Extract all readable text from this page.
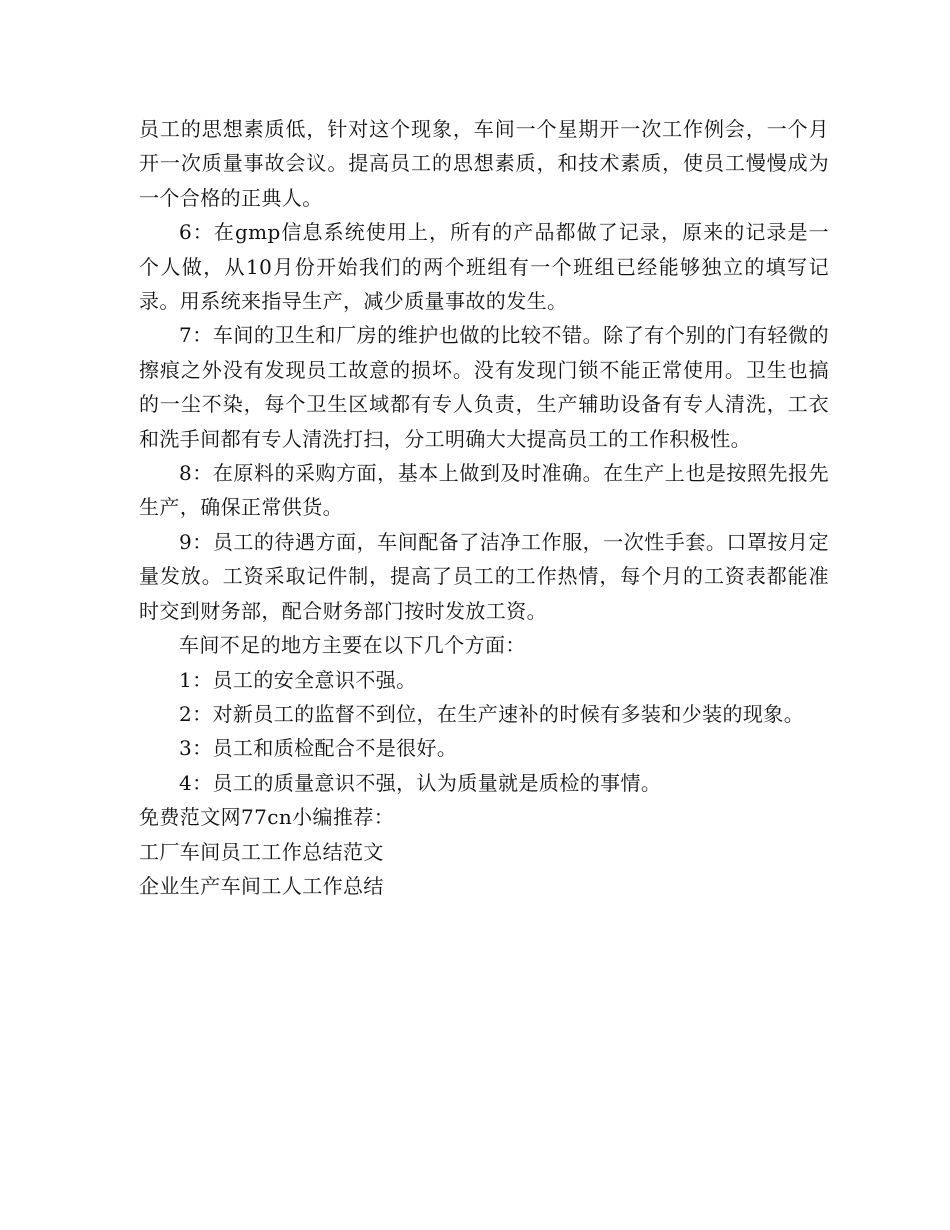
员工的思想素质低，针对这个现象，车间一个星期开一次工作例会，一个月开一次质量事故会议。提高员工的思想素质，和技术素质，使员工慢慢成为一个合格的正典人。

6：在gmp信息系统使用上，所有的产品都做了记录，原来的记录是一个人做，从10月份开始我们的两个班组有一个班组已经能够独立的填写记录。用系统来指导生产，减少质量事故的发生。

7：车间的卫生和厂房的维护也做的比较不错。除了有个别的门有轻微的擦痕之外没有发现员工故意的损坏。没有发现门锁不能正常使用。卫生也搞的一尘不染，每个卫生区域都有专人负责，生产辅助设备有专人清洗，工衣和洗手间都有专人清洗打扫，分工明确大大提高员工的工作积极性。

8：在原料的采购方面，基本上做到及时准确。在生产上也是按照先报先生产，确保正常供货。

9：员工的待遇方面，车间配备了洁净工作服，一次性手套。口罩按月定量发放。工资采取记件制，提高了员工的工作热情，每个月的工资表都能准时交到财务部，配合财务部门按时发放工资。

车间不足的地方主要在以下几个方面：

1：员工的安全意识不强。

2：对新员工的监督不到位，在生产速补的时候有多装和少装的现象。

3：员工和质检配合不是很好。

4：员工的质量意识不强，认为质量就是质检的事情。

免费范文网77cn小编推荐：

工厂车间员工工作总结范文

企业生产车间工人工作总结
